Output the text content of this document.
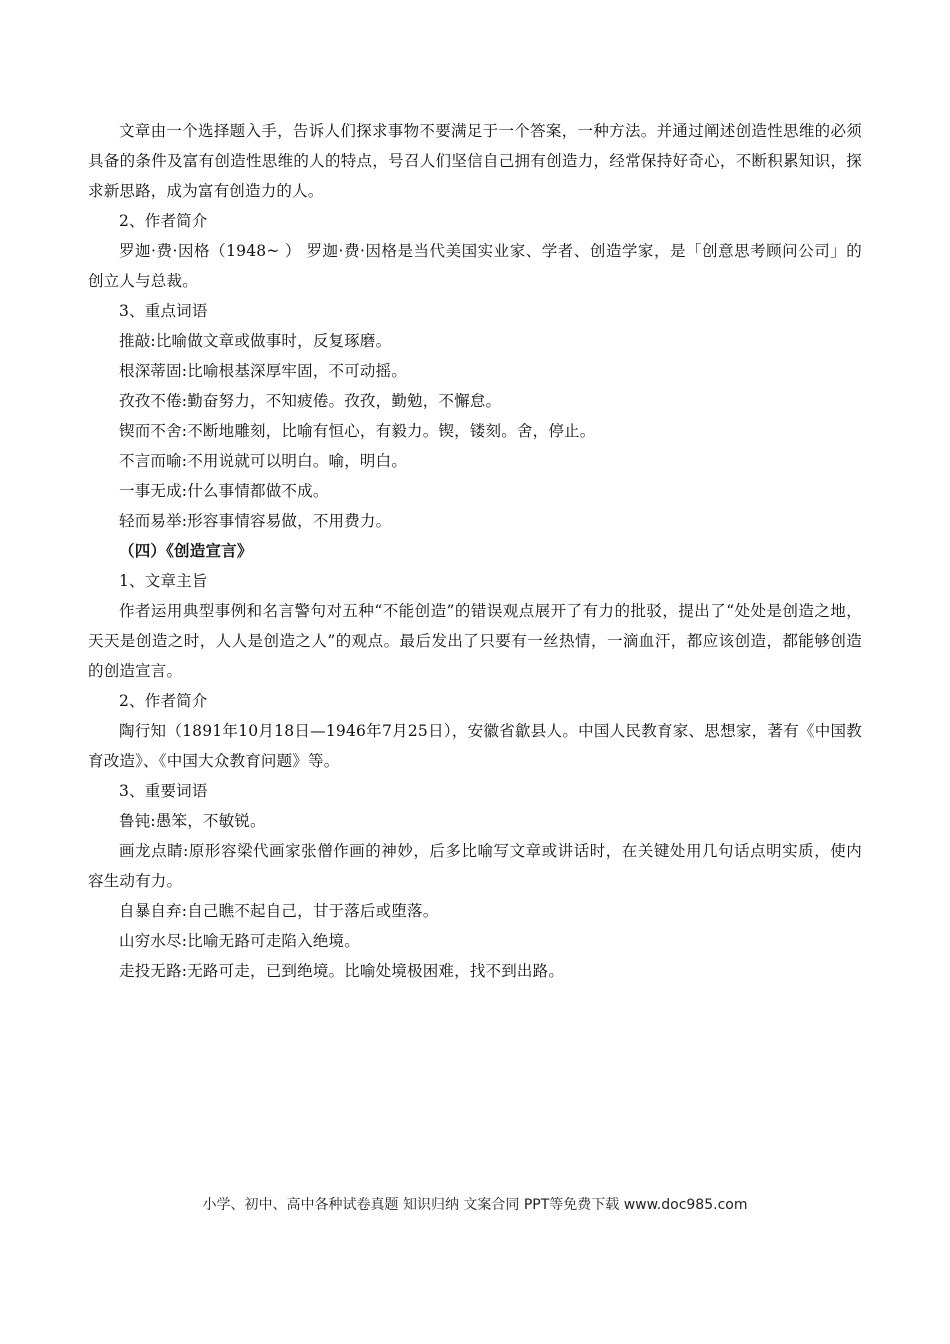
文章由一个选择题入手，告诉人们探求事物不要满足于一个答案，一种方法。并通过阐述创造性思维的必须具备的条件及富有创造性思维的人的特点，号召人们坚信自己拥有创造力，经常保持好奇心，不断积累知识，探求新思路，成为富有创造力的人。

2、作者简介

罗迦·费·因格（1948~ ） 罗迦·费·因格是当代美国实业家、学者、创造学家，是「创意思考顾问公司」的创立人与总裁。

3、重点词语

推敲:比喻做文章或做事时，反复琢磨。

根深蒂固:比喻根基深厚牢固，不可动摇。

孜孜不倦:勤奋努力，不知疲倦。孜孜，勤勉，不懈怠。

锲而不舍:不断地雕刻，比喻有恒心，有毅力。锲，镂刻。舍，停止。

不言而喻:不用说就可以明白。喻，明白。

一事无成:什么事情都做不成。

轻而易举:形容事情容易做，不用费力。

（四）《创造宣言》

1、文章主旨

作者运用典型事例和名言警句对五种“不能创造”的错误观点展开了有力的批驳，提出了“处处是创造之地，天天是创造之时，人人是创造之人”的观点。最后发出了只要有一丝热情，一滴血汗，都应该创造，都能够创造的创造宣言。

2、作者简介

陶行知（1891年10月18日—1946年7月25日），安徽省歙县人。中国人民教育家、思想家，著有《中国教育改造》、《中国大众教育问题》等。

3、重要词语

鲁钝:愚笨，不敏锐。

画龙点睛:原形容梁代画家张僧作画的神妙，后多比喻写文章或讲话时，在关键处用几句话点明实质，使内容生动有力。

自暴自弃:自己瞧不起自己，甘于落后或堕落。

山穷水尽:比喻无路可走陷入绝境。

走投无路:无路可走，已到绝境。比喻处境极困难，找不到出路。

小学、初中、高中各种试卷真题 知识归纳 文案合同 PPT等免费下载 www.doc985.com
